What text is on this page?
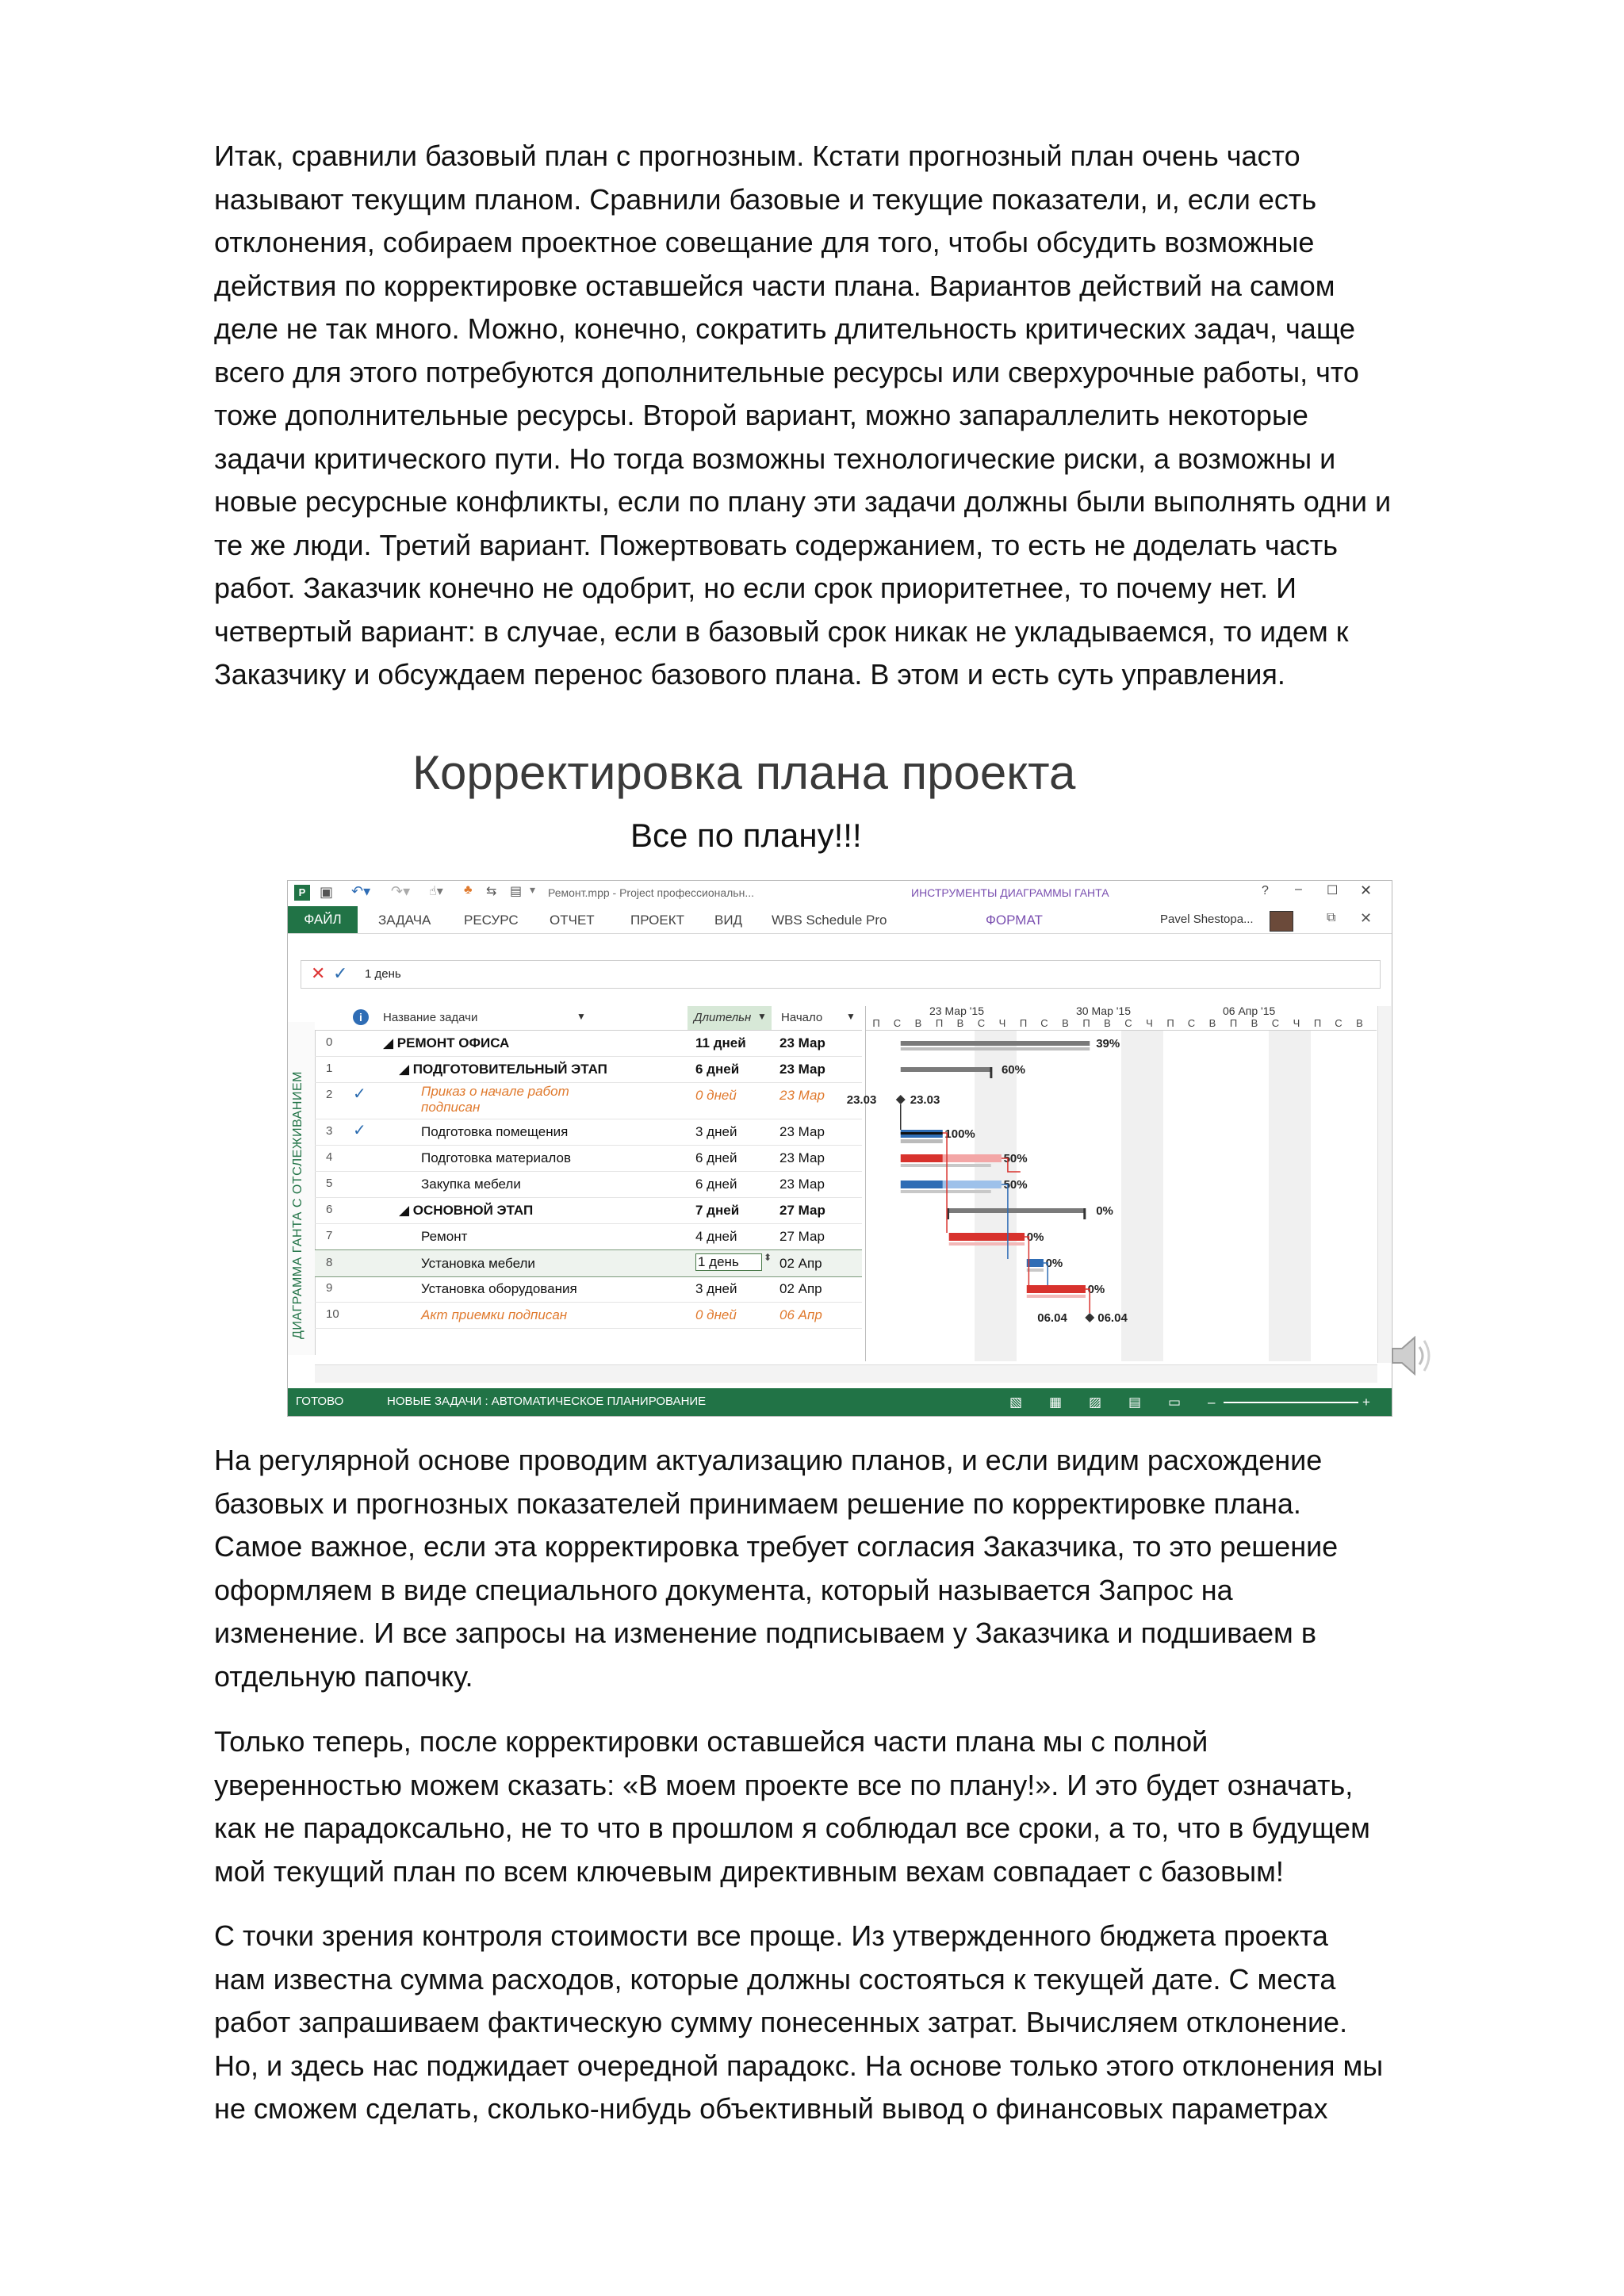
Итак, сравнили базовый план с прогнозным. Кстати прогнозный план очень часто
называют текущим планом. Сравнили базовые и текущие показатели, и, если есть
отклонения, собираем проектное совещание для того, чтобы обсудить возможные
действия по корректировке оставшейся части плана. Вариантов действий на самом
деле не так много. Можно, конечно, сократить длительность критических задач, чаще
всего для этого потребуются дополнительные ресурсы или сверхурочные работы, что
тоже дополнительные ресурсы. Второй вариант, можно запараллелить некоторые
задачи критического пути. Но тогда возможны технологические риски, а возможны и
новые ресурсные конфликты, если по плану эти задачи должны были выполнять одни и
те же люди. Третий вариант. Пожертвовать содержанием, то есть не доделать часть
работ. Заказчик конечно не одобрит, но если срок приоритетнее, то почему нет. И
четвертый вариант: в случае, если в базовый срок никак не укладываемся, то идем к
Заказчику и обсуждаем перенос базового плана. В этом и есть суть управления.

Корректировка плана проекта
Все по плану!!!
P ▣ ↶▾ ↷▾ ☝▾ ♣ ⇆ ▤ ▾ Ремонт.mpp - Project профессиональн...	ИНСТРУМЕНТЫ ДИАГРАММЫ ГАНТА	? – ☐ ✕
ФАЙЛ	ЗАДАЧА РЕСУРС ОТЧЕТ	ПРОЕКТ ВИД WBS Schedule Pro	ФОРМАТ	Pavel Shestopa...	⧉ ✕
✕ ✓ 1 день
ДИАГРАММА ГАНТА С ОТСЛЕЖИВАНИЕМ
i	Название задачи	▼	Длительн ▼ Начало ▼	23 Мар '15	30 Мар '15	06 Апр '15
П	С	В	П	В	С	Ч	П	С	В	П	В	С	Ч	П	С	В	П	В	С	Ч	П	С	В
39%
60%
23.03	23.03
100%
50%
50%
0%
0%
0%
0%
06.04	06.04
ГОТОВО	НОВЫЕ ЗАДАЧИ : АВТОМАТИЧЕСКОЕ ПЛАНИРОВАНИЕ	▧ ▦ ▨ ▤ ▭ –	+
0	◢ РЕМОНТ ОФИСА	11 дней 23 Мар
1	◢ ПОДГОТОВИТЕЛЬНЫЙ ЭТАП	6 дней	23 Мар
2 ✓	Приказ о начале работ
подписан
0 дней	23 Мар
3 ✓	Подготовка помещения	3 дней	23 Мар
4	Подготовка материалов	6 дней	23 Мар
5	Закупка мебели	6 дней	23 Мар
6	◢ ОСНОВНОЙ ЭТАП	7 дней	27 Мар
7	Ремонт	4 дней	27 Мар
8	Установка мебели	1 день	⬍ 02 Апр
9	Установка оборудования	3 дней	02 Апр
10	Акт приемки подписан	0 дней	06 Апр

На регулярной основе проводим актуализацию планов, и если видим расхождение
базовых и прогнозных показателей принимаем решение по корректировке плана.
Самое важное, если эта корректировка требует согласия Заказчика, то это решение
оформляем в виде специального документа, который называется Запрос на
изменение. И все запросы на изменение подписываем у Заказчика и подшиваем в
отдельную папочку.

Только теперь, после корректировки оставшейся части плана мы с полной
уверенностью можем сказать: «В моем проекте все по плану!». И это будет означать,
как не парадоксально, не то что в прошлом я соблюдал все сроки, а то, что в будущем
мой текущий план по всем ключевым директивным вехам совпадает с базовым!

С точки зрения контроля стоимости все проще. Из утвержденного бюджета проекта
нам известна сумма расходов, которые должны состояться к текущей дате. С места
работ запрашиваем фактическую сумму понесенных затрат. Вычисляем отклонение.
Но, и здесь нас поджидает очередной парадокс. На основе только этого отклонения мы
не сможем сделать, сколько-нибудь объективный вывод о финансовых параметрах
